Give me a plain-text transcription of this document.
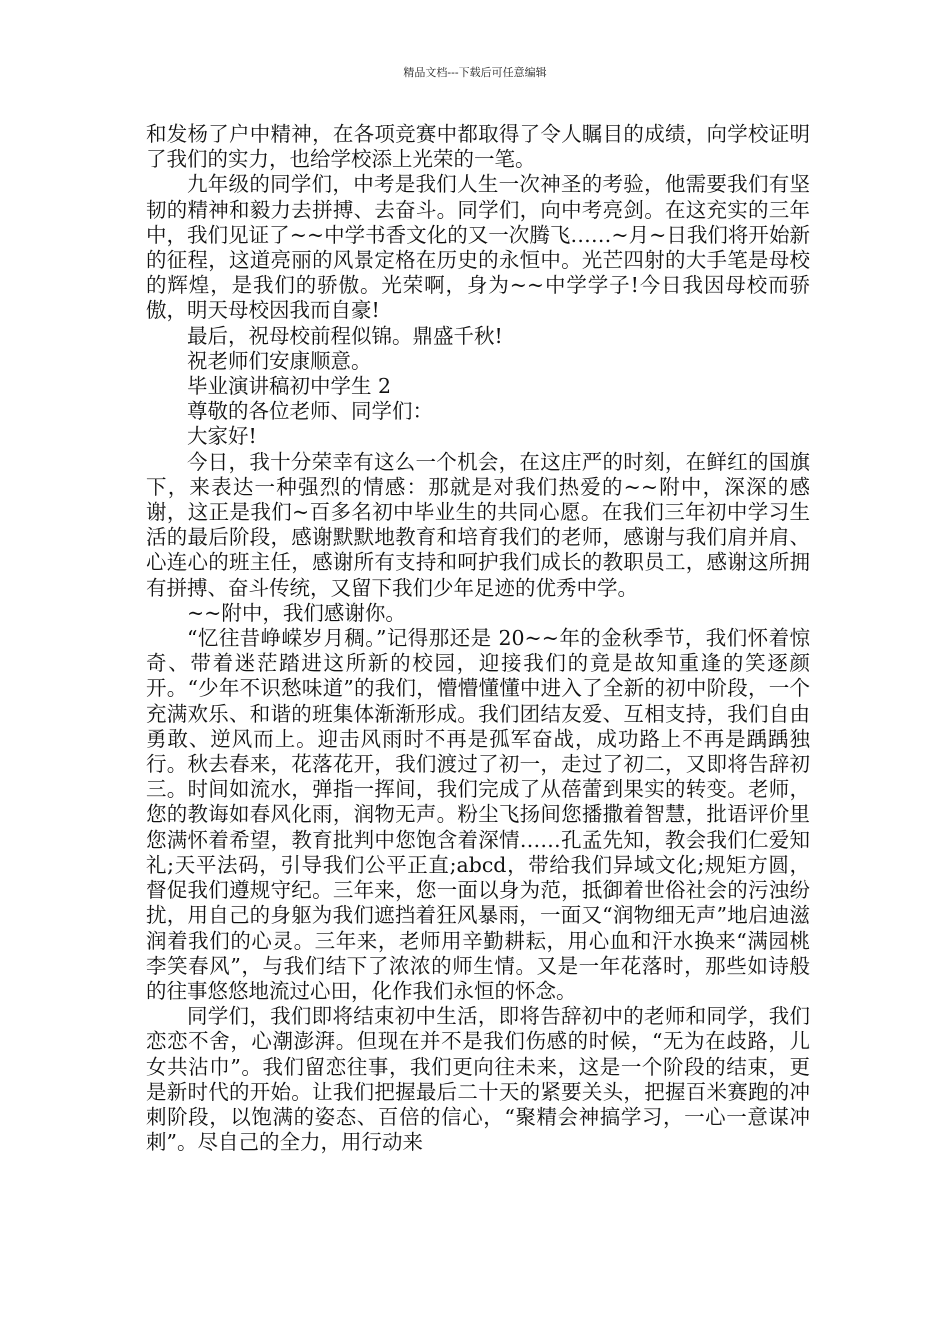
精品文档---下载后可任意编辑

和发杨了户中精神，在各项竞赛中都取得了令人瞩目的成绩，向学校证明了我们的实力，也给学校添上光荣的一笔。

九年级的同学们，中考是我们人生一次神圣的考验，他需要我们有坚韧的精神和毅力去拼搏、去奋斗。同学们，向中考亮剑。在这充实的三年中，我们见证了~~中学书香文化的又一次腾飞……~月~日我们将开始新的征程，这道亮丽的风景定格在历史的永恒中。光芒四射的大手笔是母校的辉煌，是我们的骄傲。光荣啊，身为~~中学学子!今日我因母校而骄傲，明天母校因我而自豪!

最后，祝母校前程似锦。鼎盛千秋!

祝老师们安康顺意。

毕业演讲稿初中学生 2

尊敬的各位老师、同学们：

大家好!

今日，我十分荣幸有这么一个机会，在这庄严的时刻，在鲜红的国旗下，来表达一种强烈的情感：那就是对我们热爱的~~附中，深深的感谢，这正是我们~百多名初中毕业生的共同心愿。在我们三年初中学习生活的最后阶段，感谢默默地教育和培育我们的老师，感谢与我们肩并肩、心连心的班主任，感谢所有支持和呵护我们成长的教职员工，感谢这所拥有拼搏、奋斗传统，又留下我们少年足迹的优秀中学。

~~附中，我们感谢你。

“忆往昔峥嵘岁月稠。”记得那还是 20~~年的金秋季节，我们怀着惊奇、带着迷茫踏进这所新的校园，迎接我们的竟是故知重逢的笑逐颜开。“少年不识愁味道”的我们，懵懵懂懂中进入了全新的初中阶段，一个充满欢乐、和谐的班集体渐渐形成。我们团结友爱、互相支持，我们自由勇敢、逆风而上。迎击风雨时不再是孤军奋战，成功路上不再是踽踽独行。秋去春来，花落花开，我们渡过了初一，走过了初二，又即将告辞初三。时间如流水，弹指一挥间，我们完成了从蓓蕾到果实的转变。老师，您的教诲如春风化雨，润物无声。粉尘飞扬间您播撒着智慧，批语评价里您满怀着希望，教育批判中您饱含着深情……孔孟先知，教会我们仁爱知礼;天平法码，引导我们公平正直;abcd，带给我们异域文化;规矩方圆，督促我们遵规守纪。三年来，您一面以身为范，抵御着世俗社会的污浊纷扰，用自己的身躯为我们遮挡着狂风暴雨，一面又“润物细无声”地启迪滋润着我们的心灵。三年来，老师用辛勤耕耘，用心血和汗水换来“满园桃李笑春风”，与我们结下了浓浓的师生情。又是一年花落时，那些如诗般的往事悠悠地流过心田，化作我们永恒的怀念。

同学们，我们即将结束初中生活，即将告辞初中的老师和同学，我们恋恋不舍，心潮澎湃。但现在并不是我们伤感的时候，“无为在歧路，儿女共沾巾”。我们留恋往事，我们更向往未来，这是一个阶段的结束，更是新时代的开始。让我们把握最后二十天的紧要关头，把握百米赛跑的冲刺阶段，以饱满的姿态、百倍的信心，“聚精会神搞学习，一心一意谋冲刺”。尽自己的全力，用行动来
